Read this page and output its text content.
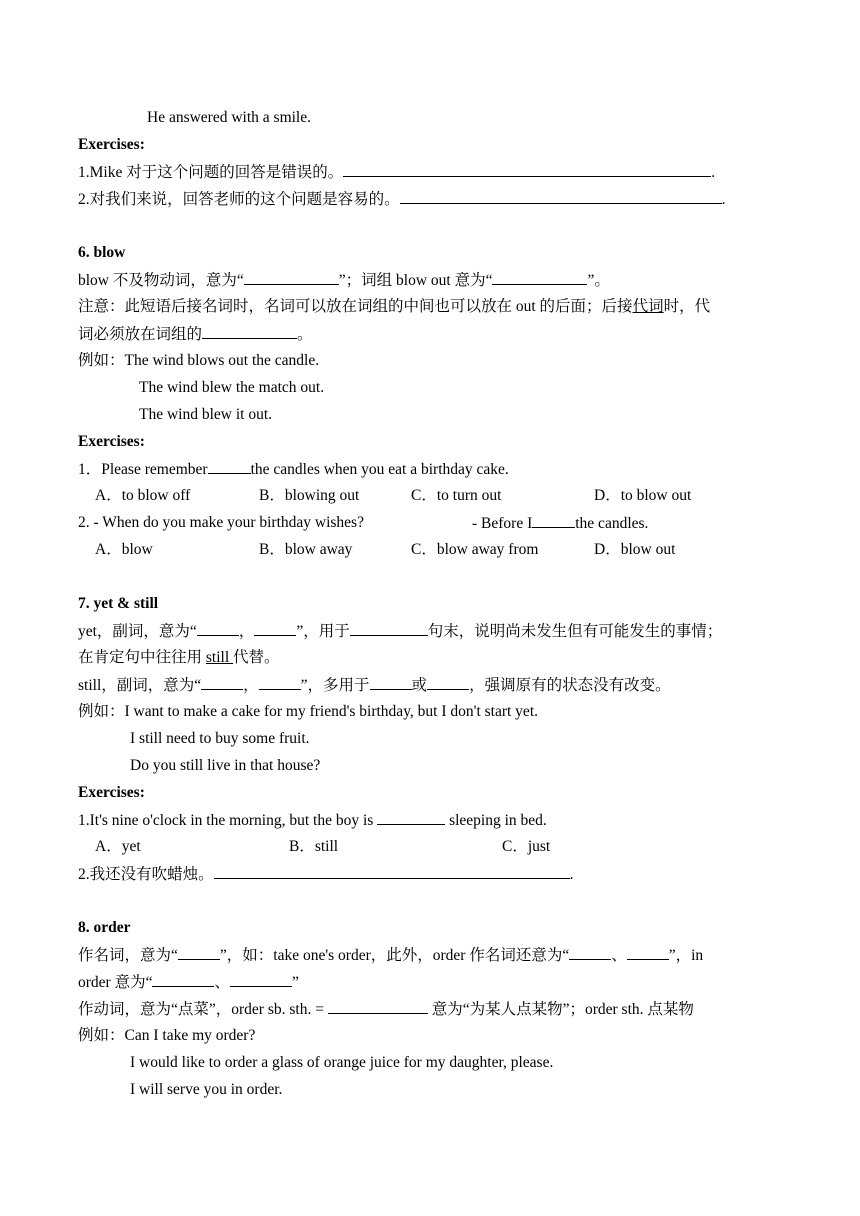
He answered with a smile.
Exercises:
1.Mike 对于这个问题的回答是错误的。	.
2.对我们来说，回答老师的这个问题是容易的。	.
6. blow
blow 不及物动词，意为“	”；词组 blow out 意为“	”。
注意：此短语后接名词时，名词可以放在词组的中间也可以放在 out 的后面；后接代词时，代
词必须放在词组的	。
例如：The wind blows out the candle.
The wind blew the match out.
The wind blew it out.
Exercises:
1．Please remember	the candles when you eat a birthday cake.
A．to blow off	B．blowing out	C．to turn out	D．to blow out
2. - When do you make your birthday wishes?	- Before I	the candles.
A．blow	B．blow away	C．blow away from	D．blow out
7. yet & still
yet，副词，意为“	，	”，用于	句末，说明尚未发生但有可能发生的事情；
在肯定句中往往用 still 代替。
still，副词，意为“	，	”，多用于	或	，强调原有的状态没有改变。
例如：I want to make a cake for my friend's birthday, but I don't start yet.
I still need to buy some fruit.
Do you still live in that house?
Exercises:
1.It's nine o'clock in the morning, but the boy is	sleeping in bed.
A．yet	B．still	C．just
2.我还没有吹蜡烛。	.
8. order
作名词，意为“	”，如：take one's order，此外，order 作名词还意为“	、	”，in
order 意为“	、	”
作动词，意为“点菜”，order sb. sth. =	意为“为某人点某物”；order sth. 点某物
例如：Can I take my order?
I would like to order a glass of orange juice for my daughter, please.
I will serve you in order.
